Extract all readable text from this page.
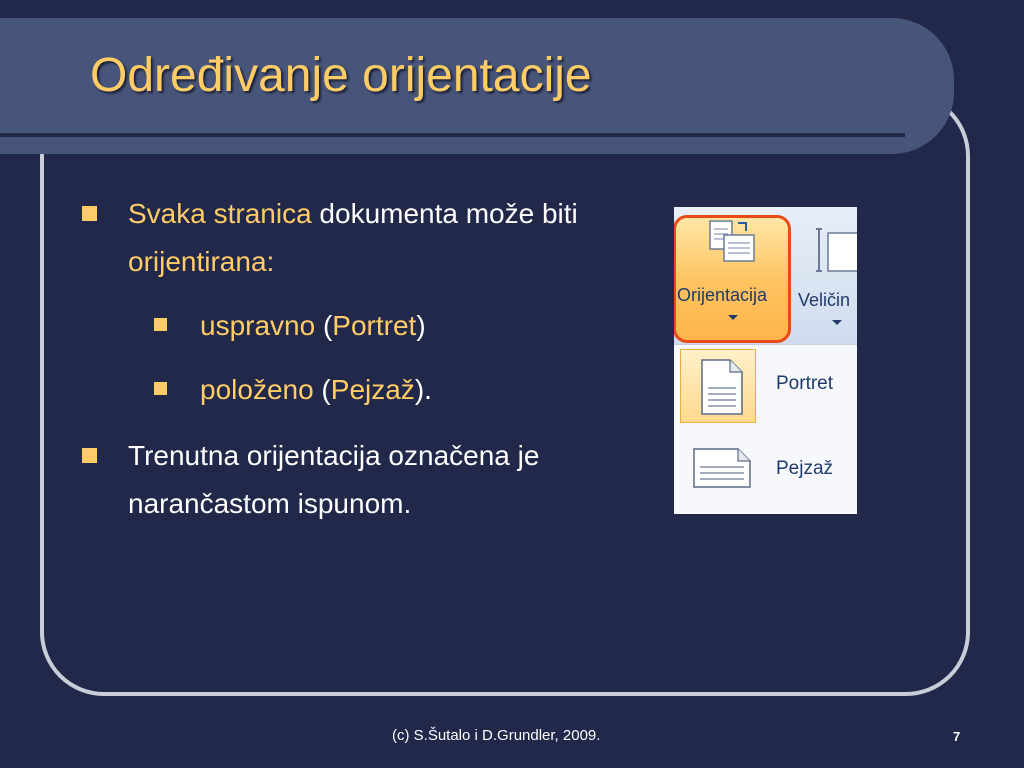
Određivanje orijentacije
Svaka stranica dokumenta može biti orijentirana:
uspravno (Portret)
položeno (Pejzaž).
Trenutna orijentacija označena je narančastom ispunom.
Orijentacija Veličin
Portret
Pejzaž
(c) S.Šutalo i D.Grundler, 2009.	7
